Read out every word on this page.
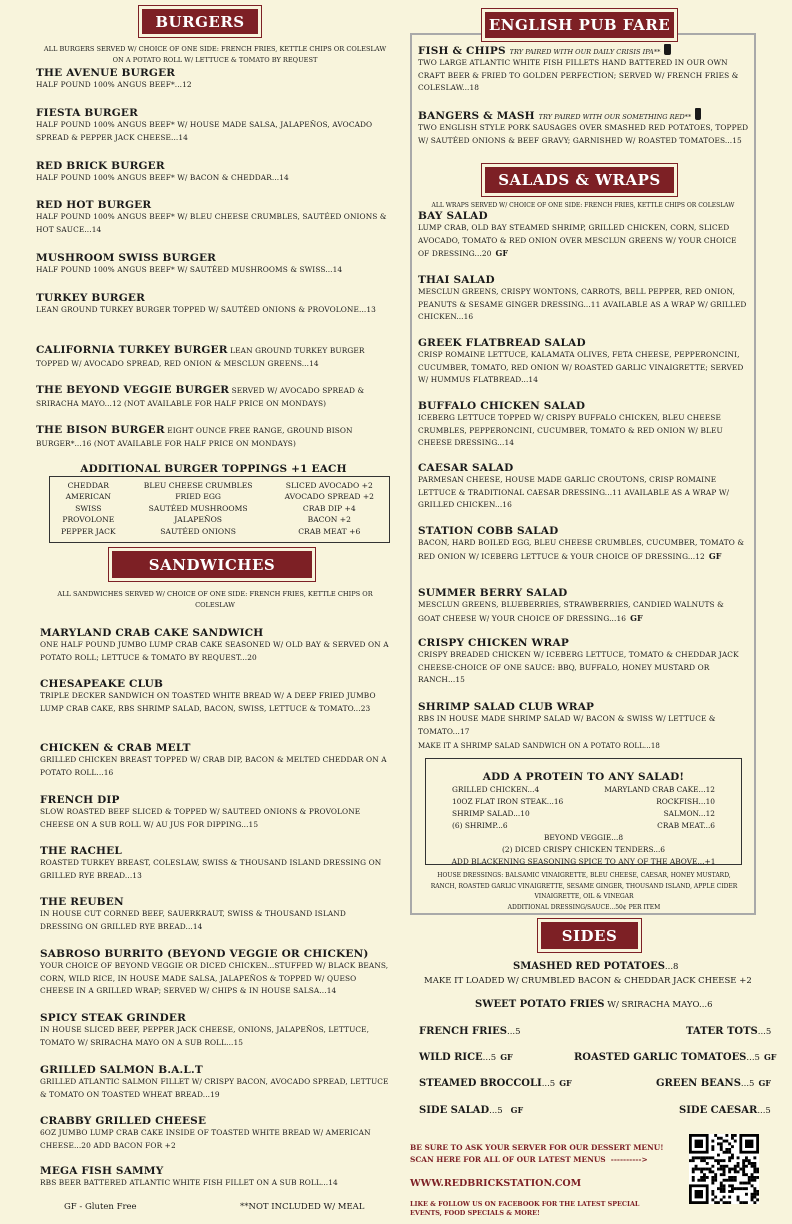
BURGERS
ALL BURGERS SERVED W/ CHOICE OF ONE SIDE: FRENCH FRIES, KETTLE CHIPS OR COLESLAW ON A POTATO ROLL W/ LETTUCE & TOMATO BY REQUEST
THE AVENUE BURGER
HALF POUND 100% ANGUS BEEF*...12
FIESTA BURGER
HALF POUND 100% ANGUS BEEF* W/ HOUSE MADE SALSA, JALAPEÑOS, AVOCADO SPREAD & PEPPER JACK CHEESE...14
RED BRICK BURGER
HALF POUND 100% ANGUS BEEF* W/ BACON & CHEDDAR...14
RED HOT BURGER
HALF POUND 100% ANGUS BEEF* W/ BLEU CHEESE CRUMBLES, SAUTÉED ONIONS & HOT SAUCE...14
MUSHROOM SWISS BURGER
HALF POUND 100% ANGUS BEEF* W/ SAUTÉED MUSHROOMS & SWISS...14
TURKEY BURGER
LEAN GROUND TURKEY BURGER TOPPED W/ SAUTÉED ONIONS & PROVOLONE...13
CALIFORNIA TURKEY BURGER LEAN GROUND TURKEY BURGER TOPPED W/ AVOCADO SPREAD, RED ONION & MESCLUN GREENS...14
THE BEYOND VEGGIE BURGER SERVED W/ AVOCADO SPREAD & SRIRACHA MAYO...12 (NOT AVAILABLE FOR HALF PRICE ON MONDAYS)
THE BISON BURGER EIGHT OUNCE FREE RANGE, GROUND BISON BURGER*...16 (NOT AVAILABLE FOR HALF PRICE ON MONDAYS)
ADDITIONAL BURGER TOPPINGS +1 EACH
CHEDDAR	BLEU CHEESE CRUMBLES	SLICED AVOCADO +2
AMERICAN	FRIED EGG	AVOCADO SPREAD +2
SWISS	SAUTÉED MUSHROOMS	CRAB DIP +4
PROVOLONE	JALAPEÑOS	BACON +2
PEPPER JACK	SAUTÉED ONIONS	CRAB MEAT +6
SANDWICHES
ALL SANDWICHES SERVED W/ CHOICE OF ONE SIDE: FRENCH FRIES, KETTLE CHIPS OR COLESLAW
MARYLAND CRAB CAKE SANDWICH
ONE HALF POUND JUMBO LUMP CRAB CAKE SEASONED W/ OLD BAY & SERVED ON A POTATO ROLL; LETTUCE & TOMATO BY REQUEST...20
CHESAPEAKE CLUB
TRIPLE DECKER SANDWICH ON TOASTED WHITE BREAD W/ A DEEP FRIED JUMBO LUMP CRAB CAKE, RBS SHRIMP SALAD, BACON, SWISS, LETTUCE & TOMATO...23
CHICKEN & CRAB MELT
GRILLED CHICKEN BREAST TOPPED W/ CRAB DIP, BACON & MELTED CHEDDAR ON A POTATO ROLL...16
FRENCH DIP
SLOW ROASTED BEEF SLICED & TOPPED W/ SAUTEED ONIONS & PROVOLONE CHEESE ON A SUB ROLL W/ AU JUS FOR DIPPING...15
THE RACHEL
ROASTED TURKEY BREAST, COLESLAW, SWISS & THOUSAND ISLAND DRESSING ON GRILLED RYE BREAD...13
THE REUBEN
IN HOUSE CUT CORNED BEEF, SAUERKRAUT, SWISS & THOUSAND ISLAND DRESSING ON GRILLED RYE BREAD...14
SABROSO BURRITO (BEYOND VEGGIE OR CHICKEN)
YOUR CHOICE OF BEYOND VEGGIE OR DICED CHICKEN...STUFFED W/ BLACK BEANS, CORN, WILD RICE, IN HOUSE MADE SALSA, JALAPEÑOS & TOPPED W/ QUESO CHEESE IN A GRILLED WRAP; SERVED W/ CHIPS & IN HOUSE SALSA...14
SPICY STEAK GRINDER
IN HOUSE SLICED BEEF, PEPPER JACK CHEESE, ONIONS, JALAPEÑOS, LETTUCE, TOMATO W/ SRIRACHA MAYO ON A SUB ROLL...15
GRILLED SALMON B.A.L.T
GRILLED ATLANTIC SALMON FILLET W/ CRISPY BACON, AVOCADO SPREAD, LETTUCE & TOMATO ON TOASTED WHEAT BREAD...19
CRABBY GRILLED CHEESE
6OZ JUMBO LUMP CRAB CAKE INSIDE OF TOASTED WHITE BREAD W/ AMERICAN CHEESE...20 ADD BACON FOR +2
MEGA FISH SAMMY
RBS BEER BATTERED ATLANTIC WHITE FISH FILLET ON A SUB ROLL...14
GF - Gluten Free	**NOT INCLUDED W/ MEAL
ENGLISH PUB FARE
FISH & CHIPS TRY PAIRED WITH OUR DAILY CRISIS IPA**
TWO LARGE ATLANTIC WHITE FISH FILLETS HAND BATTERED IN OUR OWN CRAFT BEER & FRIED TO GOLDEN PERFECTION; SERVED W/ FRENCH FRIES & COLESLAW...18
BANGERS & MASH TRY PAIRED WITH OUR SOMETHING RED**
TWO ENGLISH STYLE PORK SAUSAGES OVER SMASHED RED POTATOES, TOPPED W/ SAUTÉED ONIONS & BEEF GRAVY; GARNISHED W/ ROASTED TOMATOES...15
SALADS & WRAPS
ALL WRAPS SERVED W/ CHOICE OF ONE SIDE: FRENCH FRIES, KETTLE CHIPS OR COLESLAW
BAY SALAD
LUMP CRAB, OLD BAY STEAMED SHRIMP, GRILLED CHICKEN, CORN, SLICED AVOCADO, TOMATO & RED ONION OVER MESCLUN GREENS W/ YOUR CHOICE OF DRESSING...20 GF
THAI SALAD
MESCLUN GREENS, CRISPY WONTONS, CARROTS, BELL PEPPER, RED ONION, PEANUTS & SESAME GINGER DRESSING...11 AVAILABLE AS A WRAP W/ GRILLED CHICKEN...16
GREEK FLATBREAD SALAD
CRISP ROMAINE LETTUCE, KALAMATA OLIVES, FETA CHEESE, PEPPERONCINI, CUCUMBER, TOMATO, RED ONION W/ ROASTED GARLIC VINAIGRETTE; SERVED W/ HUMMUS FLATBREAD...14
BUFFALO CHICKEN SALAD
ICEBERG LETTUCE TOPPED W/ CRISPY BUFFALO CHICKEN, BLEU CHEESE CRUMBLES, PEPPERONCINI, CUCUMBER, TOMATO & RED ONION W/ BLEU CHEESE DRESSING...14
CAESAR SALAD
PARMESAN CHEESE, HOUSE MADE GARLIC CROUTONS, CRISP ROMAINE LETTUCE & TRADITIONAL CAESAR DRESSING...11 AVAILABLE AS A WRAP W/ GRILLED CHICKEN...16
STATION COBB SALAD
BACON, HARD BOILED EGG, BLEU CHEESE CRUMBLES, CUCUMBER, TOMATO & RED ONION W/ ICEBERG LETTUCE & YOUR CHOICE OF DRESSING...12 GF
SUMMER BERRY SALAD
MESCLUN GREENS, BLUEBERRIES, STRAWBERRIES, CANDIED WALNUTS & GOAT CHEESE W/ YOUR CHOICE OF DRESSING...16 GF
CRISPY CHICKEN WRAP
CRISPY BREADED CHICKEN W/ ICEBERG LETTUCE, TOMATO & CHEDDAR JACK CHEESE-CHOICE OF ONE SAUCE: BBQ, BUFFALO, HONEY MUSTARD OR RANCH...15
SHRIMP SALAD CLUB WRAP
RBS IN HOUSE MADE SHRIMP SALAD W/ BACON & SWISS W/ LETTUCE & TOMATO...17
MAKE IT A SHRIMP SALAD SANDWICH ON A POTATO ROLL...18
ADD A PROTEIN TO ANY SALAD!
GRILLED CHICKEN...4	MARYLAND CRAB CAKE...12
10OZ FLAT IRON STEAK...16	ROCKFISH...10
SHRIMP SALAD...10	SALMON...12
(6) SHRIMP...6	CRAB MEAT...6
BEYOND VEGGIE...8
(2) DICED CRISPY CHICKEN TENDERS...6
ADD BLACKENING SEASONING SPICE TO ANY OF THE ABOVE...+1
HOUSE DRESSINGS: BALSAMIC VINAIGRETTE, BLEU CHEESE, CAESAR, HONEY MUSTARD, RANCH, ROASTED GARLIC VINAIGRETTE, SESAME GINGER, THOUSAND ISLAND, APPLE CIDER VINAIGRETTE, OIL & VINEGAR
ADDITIONAL DRESSING/SAUCE...50¢ PER ITEM
SIDES
SMASHED RED POTATOES...8
MAKE IT LOADED W/ CRUMBLED BACON & CHEDDAR JACK CHEESE +2
SWEET POTATO FRIES W/ SRIRACHA MAYO...6
FRENCH FRIES...5	TATER TOTS...5
WILD RICE...5 GF	ROASTED GARLIC TOMATOES...5 GF
STEAMED BROCCOLI...5 GF	GREEN BEANS...5 GF
SIDE SALAD...5 GF	SIDE CAESAR...5
BE SURE TO ASK YOUR SERVER FOR OUR DESSERT MENU!
SCAN HERE FOR ALL OF OUR LATEST MENUS  ---------->
WWW.REDBRICKSTATION.COM
LIKE & FOLLOW US ON FACEBOOK FOR THE LATEST SPECIAL EVENTS, FOOD SPECIALS & MORE!
